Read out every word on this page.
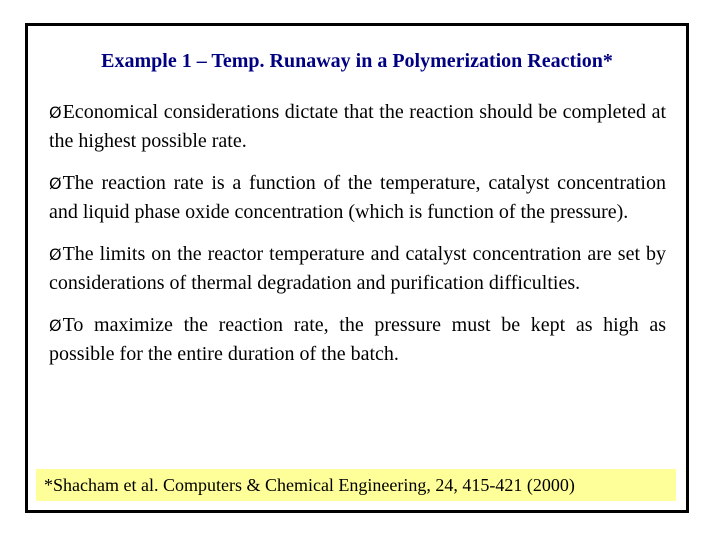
Example 1 – Temp. Runaway in a Polymerization Reaction*

ØEconomical considerations dictate that the reaction should be completed at the highest possible rate.

ØThe reaction rate is a function of the temperature, catalyst concentration and liquid phase oxide concentration (which is function of the pressure).

ØThe limits on the reactor temperature and catalyst concentration are set by considerations of thermal degradation and purification difficulties.

ØTo maximize the reaction rate, the pressure must be kept as high as possible for the entire duration of the batch.

*Shacham et al. Computers & Chemical Engineering, 24, 415-421 (2000)
